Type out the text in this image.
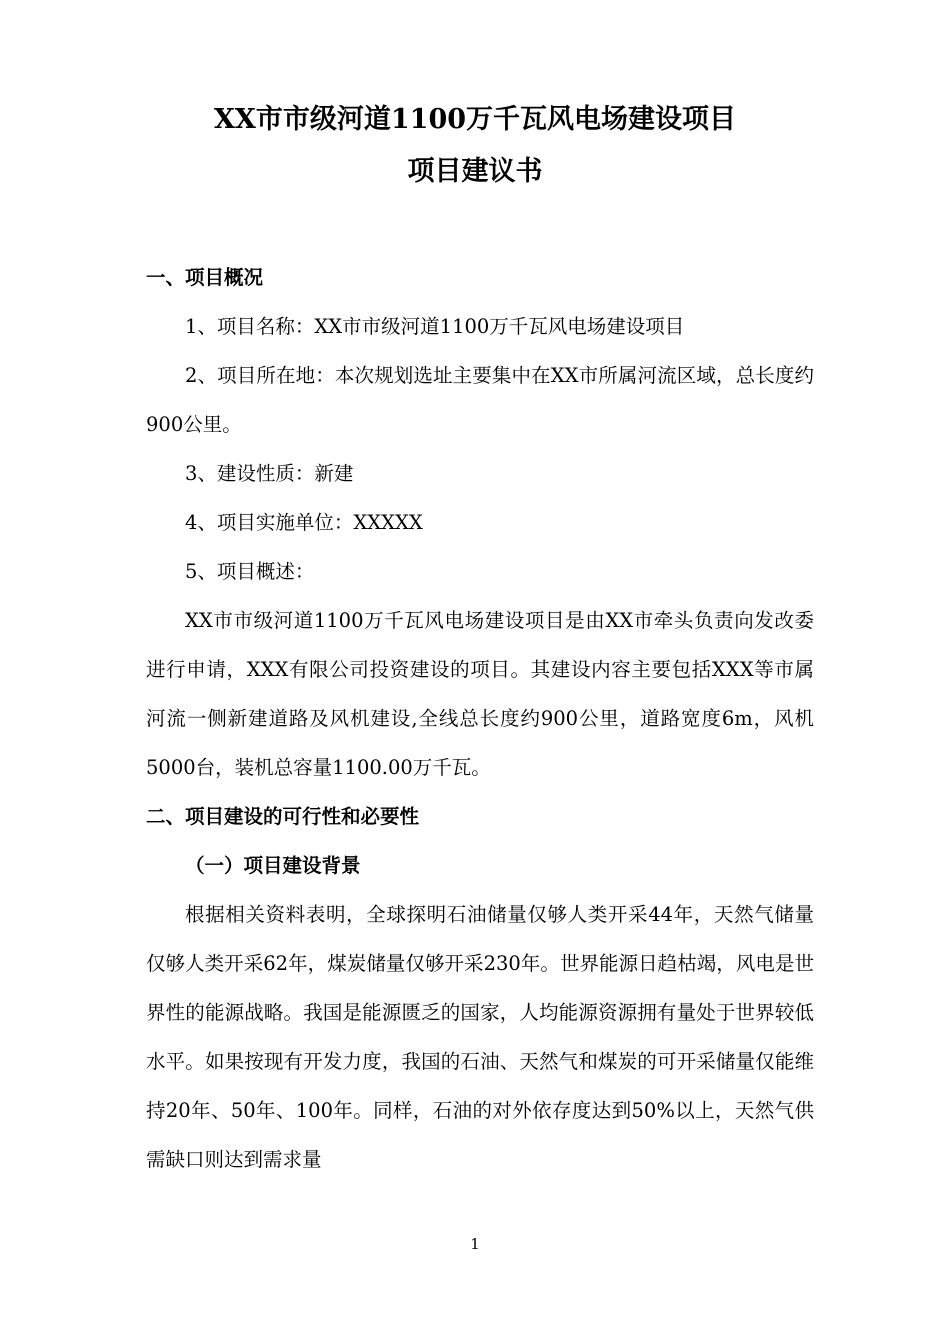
XX市市级河道1100万千瓦风电场建设项目
项目建议书

一、项目概况

1、项目名称：XX市市级河道1100万千瓦风电场建设项目

2、项目所在地：本次规划选址主要集中在XX市所属河流区域，总长度约900公里。

3、建设性质：新建

4、项目实施单位：XXXXX

5、项目概述：

XX市市级河道1100万千瓦风电场建设项目是由XX市牵头负责向发改委进行申请，XXX有限公司投资建设的项目。其建设内容主要包括XXX等市属河流一侧新建道路及风机建设,全线总长度约900公里，道路宽度6m，风机5000台，装机总容量1100.00万千瓦。

二、项目建设的可行性和必要性

（一）项目建设背景

根据相关资料表明，全球探明石油储量仅够人类开采44年，天然气储量仅够人类开采62年，煤炭储量仅够开采230年。世界能源日趋枯竭，风电是世界性的能源战略。我国是能源匮乏的国家，人均能源资源拥有量处于世界较低水平。如果按现有开发力度，我国的石油、天然气和煤炭的可开采储量仅能维持20年、50年、100年。同样，石油的对外依存度达到50%以上，天然气供需缺口则达到需求量

1
